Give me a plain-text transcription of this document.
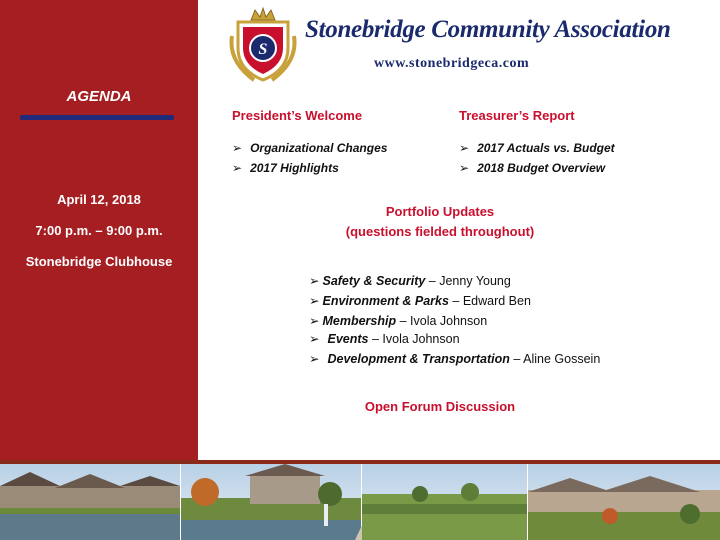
AGENDA
April 12, 2018
7:00 p.m. – 9:00 p.m.
Stonebridge Clubhouse
S
Stonebridge Community Association
www.stonebridgeca.com
President’s Welcome
➢ Organizational Changes
➢ 2017 Highlights
Treasurer’s Report
➢ 2017 Actuals vs. Budget
➢ 2018 Budget Overview
Portfolio Updates
(questions fielded throughout)
➢ Safety & Security – Jenny Young
➢ Environment & Parks – Edward Ben
➢ Membership – Ivola Johnson
➢ Events – Ivola Johnson
➢ Development & Transportation – Aline Gossein
Open Forum Discussion
